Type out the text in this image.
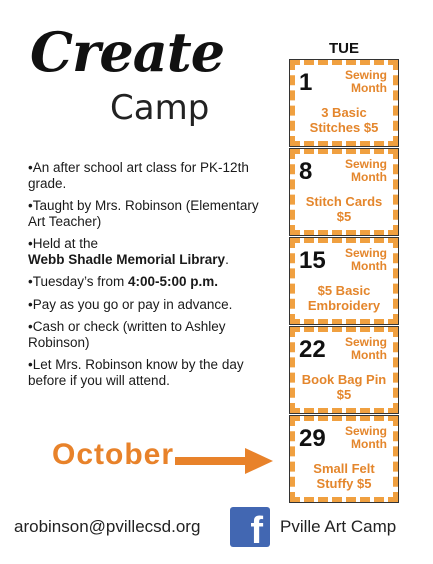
Create
Camp
•An after school art class for PK-12th grade.
•Taught by Mrs. Robinson (Elementary Art Teacher)
•Held at the
Webb Shadle Memorial Library.
•Tuesday’s from 4:00-5:00 p.m.
•Pay as you go or pay in advance.
•Cash or check (written to Ashley Robinson)
•Let Mrs. Robinson know by the day before if you will attend.
TUE
1	Sewing Month
3 Basic Stitches $5
8	Sewing Month
Stitch Cards $5
15	Sewing Month
$5 Basic Embroidery
22	Sewing Month
Book Bag Pin $5
29	Sewing Month
Small Felt Stuffy $5
October
arobinson@pvillecsd.org f Pville Art Camp
